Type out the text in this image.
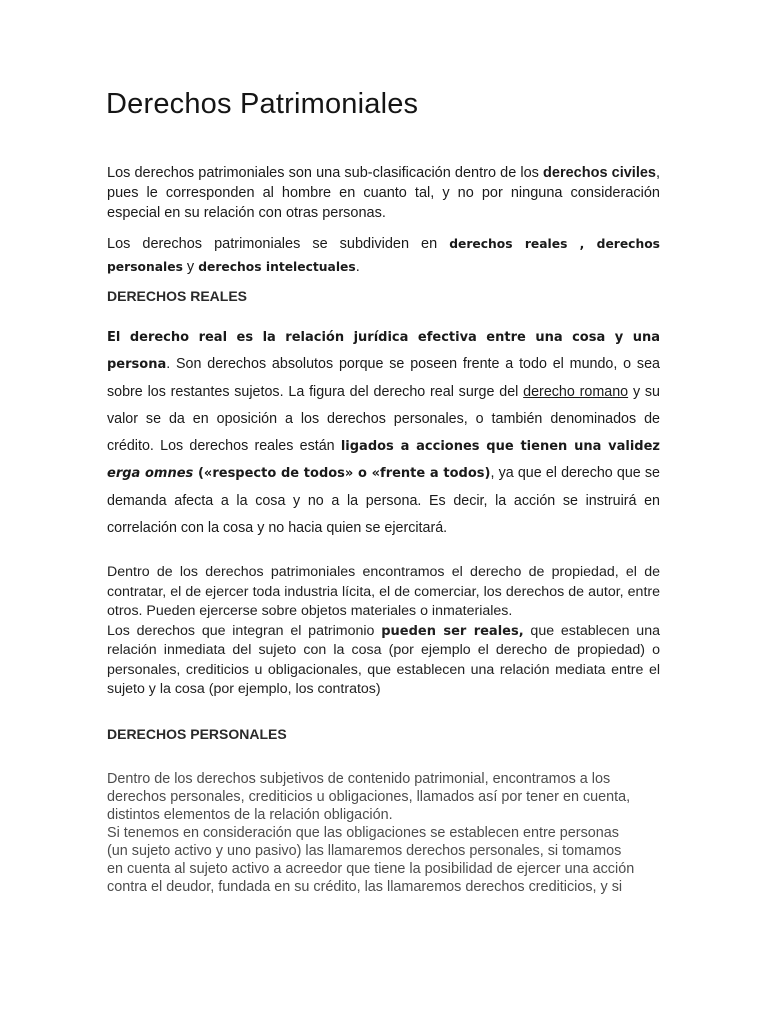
Derechos Patrimoniales

Los derechos patrimoniales son una sub-clasificación dentro de los derechos civiles, pues le corresponden al hombre en cuanto tal, y no por ninguna consideración especial en su relación con otras personas.

Los derechos patrimoniales se subdividen en derechos reales , derechos personales y derechos intelectuales.

DERECHOS REALES

El derecho real es la relación jurídica efectiva entre una cosa y una persona. Son derechos absolutos porque se poseen frente a todo el mundo, o sea sobre los restantes sujetos. La figura del derecho real surge del derecho romano y su valor se da en oposición a los derechos personales, o también denominados de crédito. Los derechos reales están ligados a acciones que tienen una validez erga omnes («respecto de todos» o «frente a todos), ya que el derecho que se demanda afecta a la cosa y no a la persona. Es decir, la acción se instruirá en correlación con la cosa y no hacia quien se ejercitará.

Dentro de los derechos patrimoniales encontramos el derecho de propiedad, el de contratar, el de ejercer toda industria lícita, el de comerciar, los derechos de autor, entre otros. Pueden ejercerse sobre objetos materiales o inmateriales.
Los derechos que integran el patrimonio pueden ser reales, que establecen una relación inmediata del sujeto con la cosa (por ejemplo el derecho de propiedad) o personales, crediticios u obligacionales, que establecen una relación mediata entre el sujeto y la cosa (por ejemplo, los contratos)

DERECHOS PERSONALES
Dentro de los derechos subjetivos de contenido patrimonial, encontramos a los
derechos personales, crediticios u obligaciones, llamados así por tener en cuenta,
distintos elementos de la relación obligación.
Si tenemos en consideración que las obligaciones se establecen entre personas
(un sujeto activo y uno pasivo) las llamaremos derechos personales, si tomamos
en cuenta al sujeto activo a acreedor que tiene la posibilidad de ejercer una acción
contra el deudor, fundada en su crédito, las llamaremos derechos crediticios, y si
